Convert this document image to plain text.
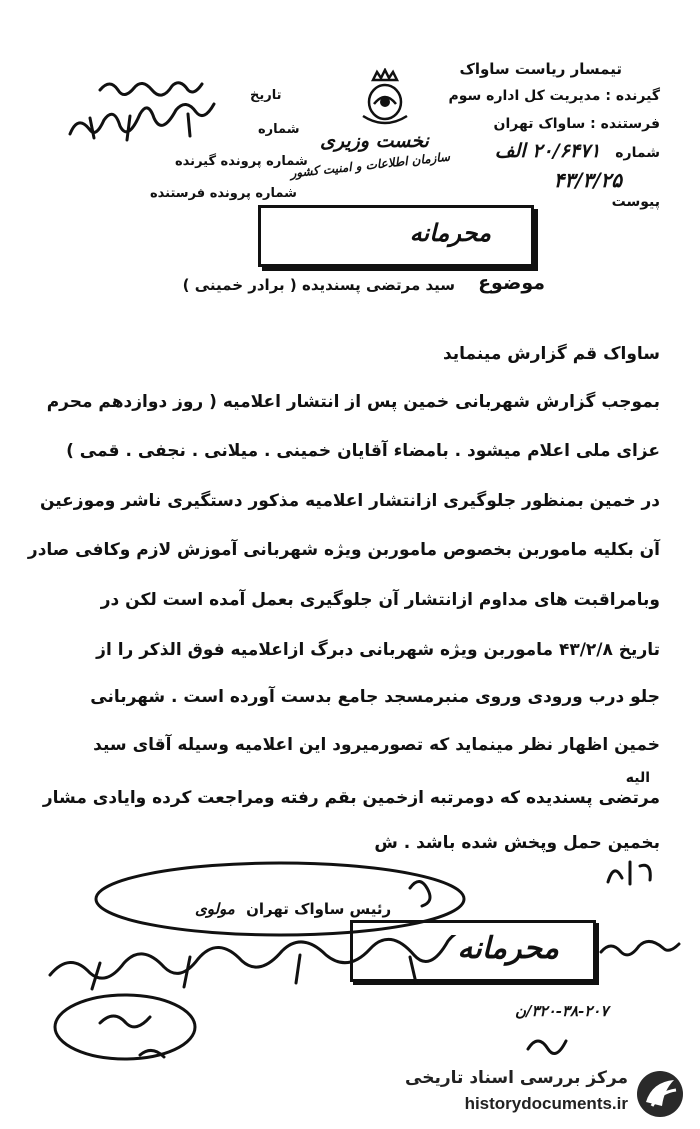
تیمسار ریاست ساواک
گیرنده : مدیریت کل اداره سوم
فرستنده : ساواک تهران
شماره ۲۰/۶۴۷۱ الف
۴۳/۳/۲۵
پیوست
نخست وزیری
سازمان اطلاعات و امنیت کشور
تاریخ
شماره
شماره پرونده گیرنده
شماره پرونده فرستنده
محرمانه
موضوع
سید مرتضی پسندیده ( برادر خمینی )
ساواک قم گزارش مینماید
بموجب گزارش شهربانی خمین پس از انتشار اعلامیه ( روز دوازدهم محرم
عزای ملی اعلام میشود . بامضاء آقایان خمینی . میلانی . نجفی . قمی )
در خمین بمنظور جلوگیری ازانتشار اعلامیه مذکور دستگیری ناشر وموزعین
آن بکلیه ماموربن بخصوص ماموربن ویژه شهربانی آموزش لازم وکافی صادر
وبامراقبت های مداوم ازانتشار آن جلوگیری بعمل آمده است لکن در
تاریخ ۴۳/۲/۸ ماموربن ویژه شهربانی دبرگ ازاعلامیه فوق الذکر را از
جلو درب ورودی وروی منبرمسجد جامع بدست آورده است . شهربانی
خمین اظهار نظر مینماید که تصورمیرود این اعلامیه وسیله آقای سید
الیه
مرتضی پسندیده که دومرتبه ازخمین بقم رفته ومراجعت کرده وایادی مشار
بخمین حمل وپخش شده باشد . ش
رئیس ساواک تهران مولوی
محرمانه
۳۲۰-۳۸-۲۰۷/ن
مرکز بررسی اسناد تاریخی
historydocuments.ir
